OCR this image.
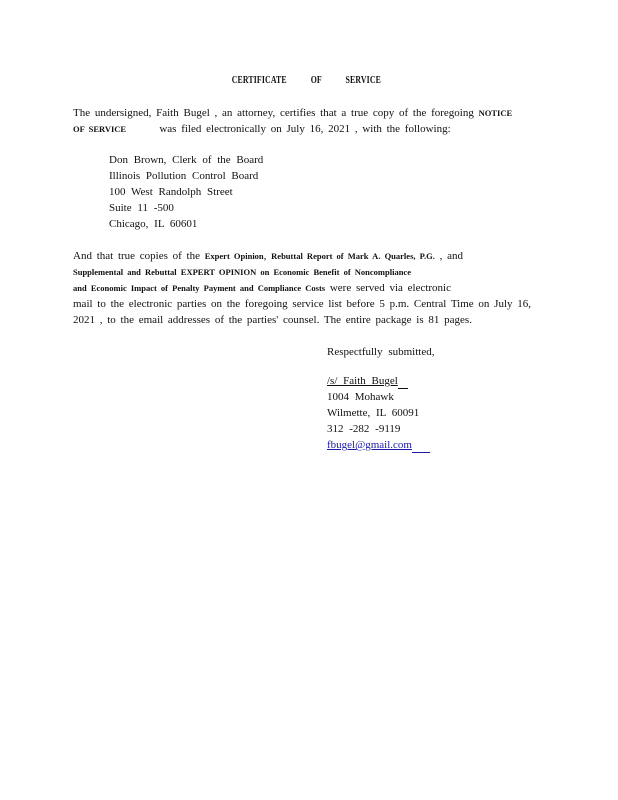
CERTIFICATE OF SERVICE
The undersigned, Faith Bugel , an attorney, certifies that a true copy of the foregoing NOTICE
OF SERVICE	was filed electronically on July 16, 2021 , with the following:
Don Brown, Clerk of the Board
Illinois Pollution Control Board
100 West Randolph Street
Suite 11 -500
Chicago, IL 60601
And that true copies of the Expert Opinion, Rebuttal Report of Mark A. Quarles, P.G. , and
Supplemental and Rebuttal EXPERT OPINION on Economic Benefit of Noncompliance
and Economic Impact of Penalty Payment and Compliance Costs were served via electronic
mail to the electronic parties on the foregoing service list before 5 p.m. Central Time on July 16,
2021 , to the email addresses of the parties' counsel. The entire package is 81 pages.
Respectfully submitted,
/s/ Faith Bugel
1004 Mohawk
Wilmette, IL 60091
312 -282 -9119
fbugel@gmail.com
